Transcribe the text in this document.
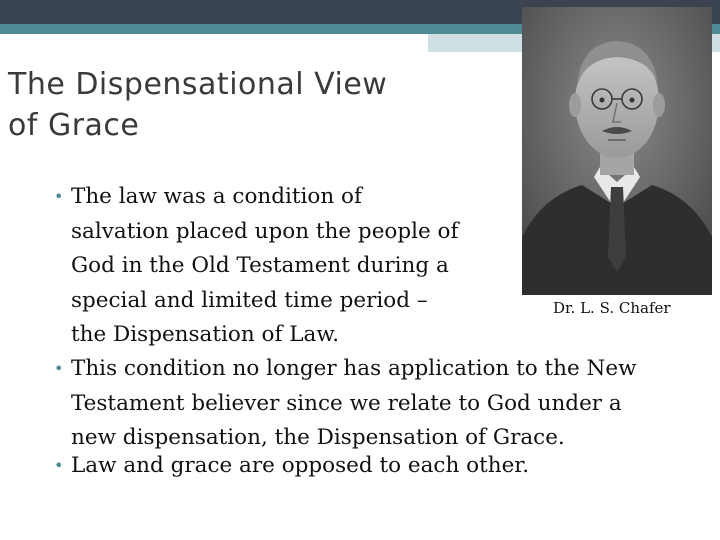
The Dispensational View
of Grace
Dr. L. S. Chafer
• The law was a condition of
salvation placed upon the people of
God in the Old Testament during a
special and limited time period –
the Dispensation of Law.
• This condition no longer has application to the New
Testament believer since we relate to God under a
new dispensation, the Dispensation of Grace.
• Law and grace are opposed to each other.
